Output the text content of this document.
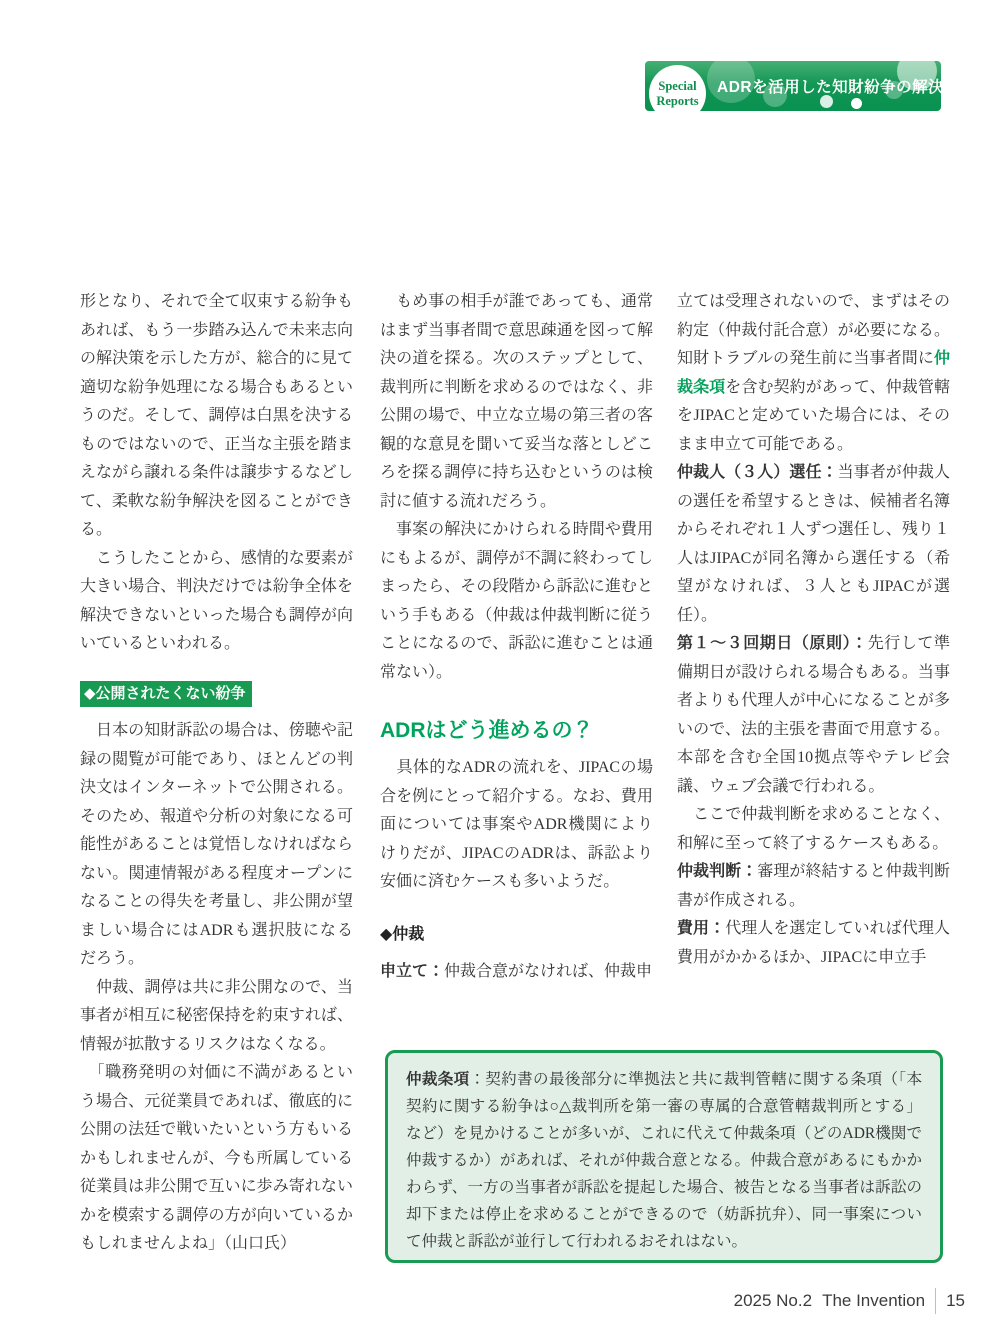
Special
Reports
ADRを活用した知財紛争の解決

形となり、それで全て収束する紛争もあれば、もう一歩踏み込んで未来志向の解決策を示した方が、総合的に見て適切な紛争処理になる場合もあるというのだ。そして、調停は白黒を決するものではないので、正当な主張を踏まえながら譲れる条件は譲歩するなどして、柔軟な紛争解決を図ることができる。

　こうしたことから、感情的な要素が大きい場合、判決だけでは紛争全体を解決できないといった場合も調停が向いているといわれる。

◆公開されたくない紛争

　日本の知財訴訟の場合は、傍聴や記録の閲覧が可能であり、ほとんどの判決文はインターネットで公開される。そのため、報道や分析の対象になる可能性があることは覚悟しなければならない。関連情報がある程度オープンになることの得失を考量し、非公開が望ましい場合にはADRも選択肢になるだろう。

　仲裁、調停は共に非公開なので、当事者が相互に秘密保持を約束すれば、情報が拡散するリスクはなくなる。

　「職務発明の対価に不満があるという場合、元従業員であれば、徹底的に公開の法廷で戦いたいという方もいるかもしれませんが、今も所属している従業員は非公開で互いに歩み寄れないかを模索する調停の方が向いているかもしれませんよね」（山口氏）

　もめ事の相手が誰であっても、通常はまず当事者間で意思疎通を図って解決の道を探る。次のステップとして、裁判所に判断を求めるのではなく、非公開の場で、中立な立場の第三者の客観的な意見を聞いて妥当な落としどころを探る調停に持ち込むというのは検討に値する流れだろう。

　事案の解決にかけられる時間や費用にもよるが、調停が不調に終わってしまったら、その段階から訴訟に進むという手もある（仲裁は仲裁判断に従うことになるので、訴訟に進むことは通常ない）。

ADRはどう進めるの？

　具体的なADRの流れを、JIPACの場合を例にとって紹介する。なお、費用面については事案やADR機関によりけりだが、JIPACのADRは、訴訟より安価に済むケースも多いようだ。

◆仲裁

申立て：仲裁合意がなければ、仲裁申

立ては受理されないので、まずはその約定（仲裁付託合意）が必要になる。知財トラブルの発生前に当事者間に仲裁条項を含む契約があって、仲裁管轄をJIPACと定めていた場合には、そのまま申立て可能である。

仲裁人（３人）選任：当事者が仲裁人の選任を希望するときは、候補者名簿からそれぞれ１人ずつ選任し、残り１人はJIPACが同名簿から選任する（希望がなければ、３人ともJIPACが選任）。

第１～３回期日（原則）：先行して準備期日が設けられる場合もある。当事者よりも代理人が中心になることが多いので、法的主張を書面で用意する。本部を含む全国10拠点等やテレビ会議、ウェブ会議で行われる。

　ここで仲裁判断を求めることなく、和解に至って終了するケースもある。

仲裁判断：審理が終結すると仲裁判断書が作成される。

費用：代理人を選定していれば代理人費用がかかるほか、JIPACに申立手

仲裁条項：契約書の最後部分に準拠法と共に裁判管轄に関する条項（「本契約に関する紛争は○△裁判所を第一審の専属的合意管轄裁判所とする」など）を見かけることが多いが、これに代えて仲裁条項（どのADR機関で仲裁するか）があれば、それが仲裁合意となる。仲裁合意があるにもかかわらず、一方の当事者が訴訟を提起した場合、被告となる当事者は訴訟の却下または停止を求めることができるので（妨訴抗弁）、同一事案について仲裁と訴訟が並行して行われるおそれはない。

2025 No.2 The Invention 15
